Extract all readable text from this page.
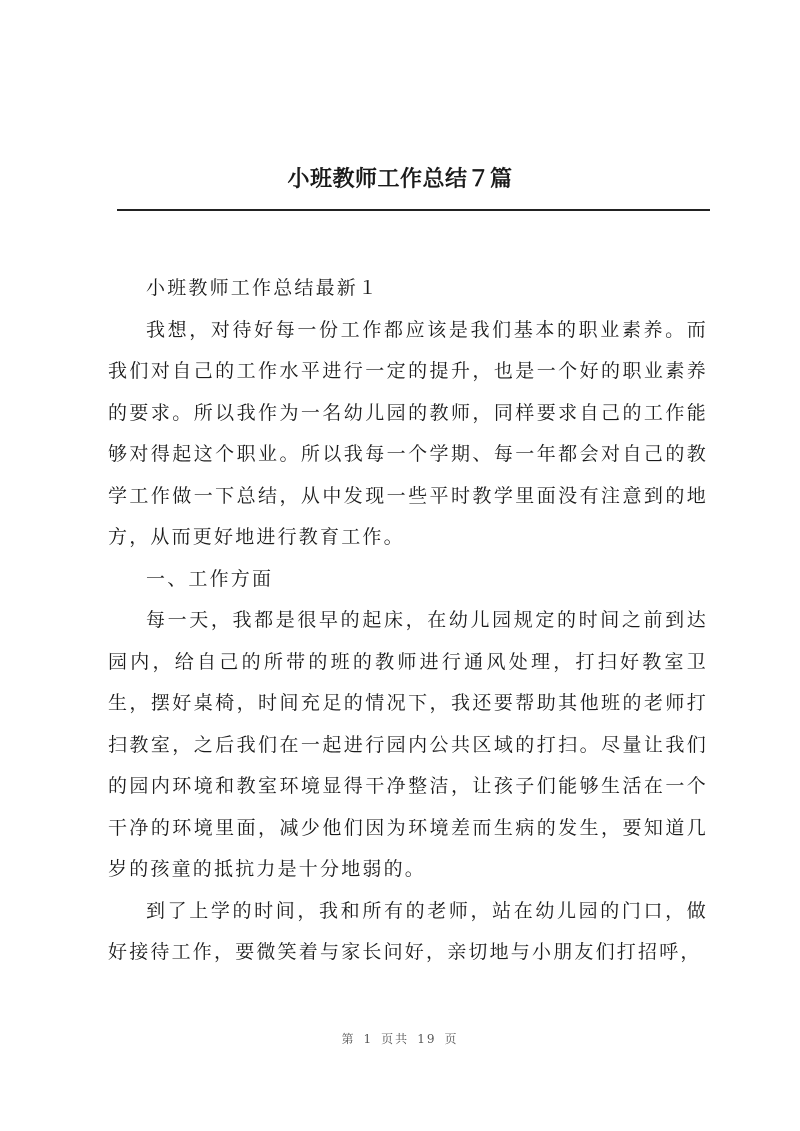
小班教师工作总结７篇

小班教师工作总结最新１

我想，对待好每一份工作都应该是我们基本的职业素养。而我们对自己的工作水平进行一定的提升，也是一个好的职业素养的要求。所以我作为一名幼儿园的教师，同样要求自己的工作能够对得起这个职业。所以我每一个学期、每一年都会对自己的教学工作做一下总结，从中发现一些平时教学里面没有注意到的地方，从而更好地进行教育工作。

一、工作方面

每一天，我都是很早的起床，在幼儿园规定的时间之前到达园内，给自己的所带的班的教师进行通风处理，打扫好教室卫生，摆好桌椅，时间充足的情况下，我还要帮助其他班的老师打扫教室，之后我们在一起进行园内公共区域的打扫。尽量让我们的园内环境和教室环境显得干净整洁，让孩子们能够生活在一个干净的环境里面，减少他们因为环境差而生病的发生，要知道几岁的孩童的抵抗力是十分地弱的。

到了上学的时间，我和所有的老师，站在幼儿园的门口，做好接待工作，要微笑着与家长问好，亲切地与小朋友们打招呼，

第 1 页共 19 页
